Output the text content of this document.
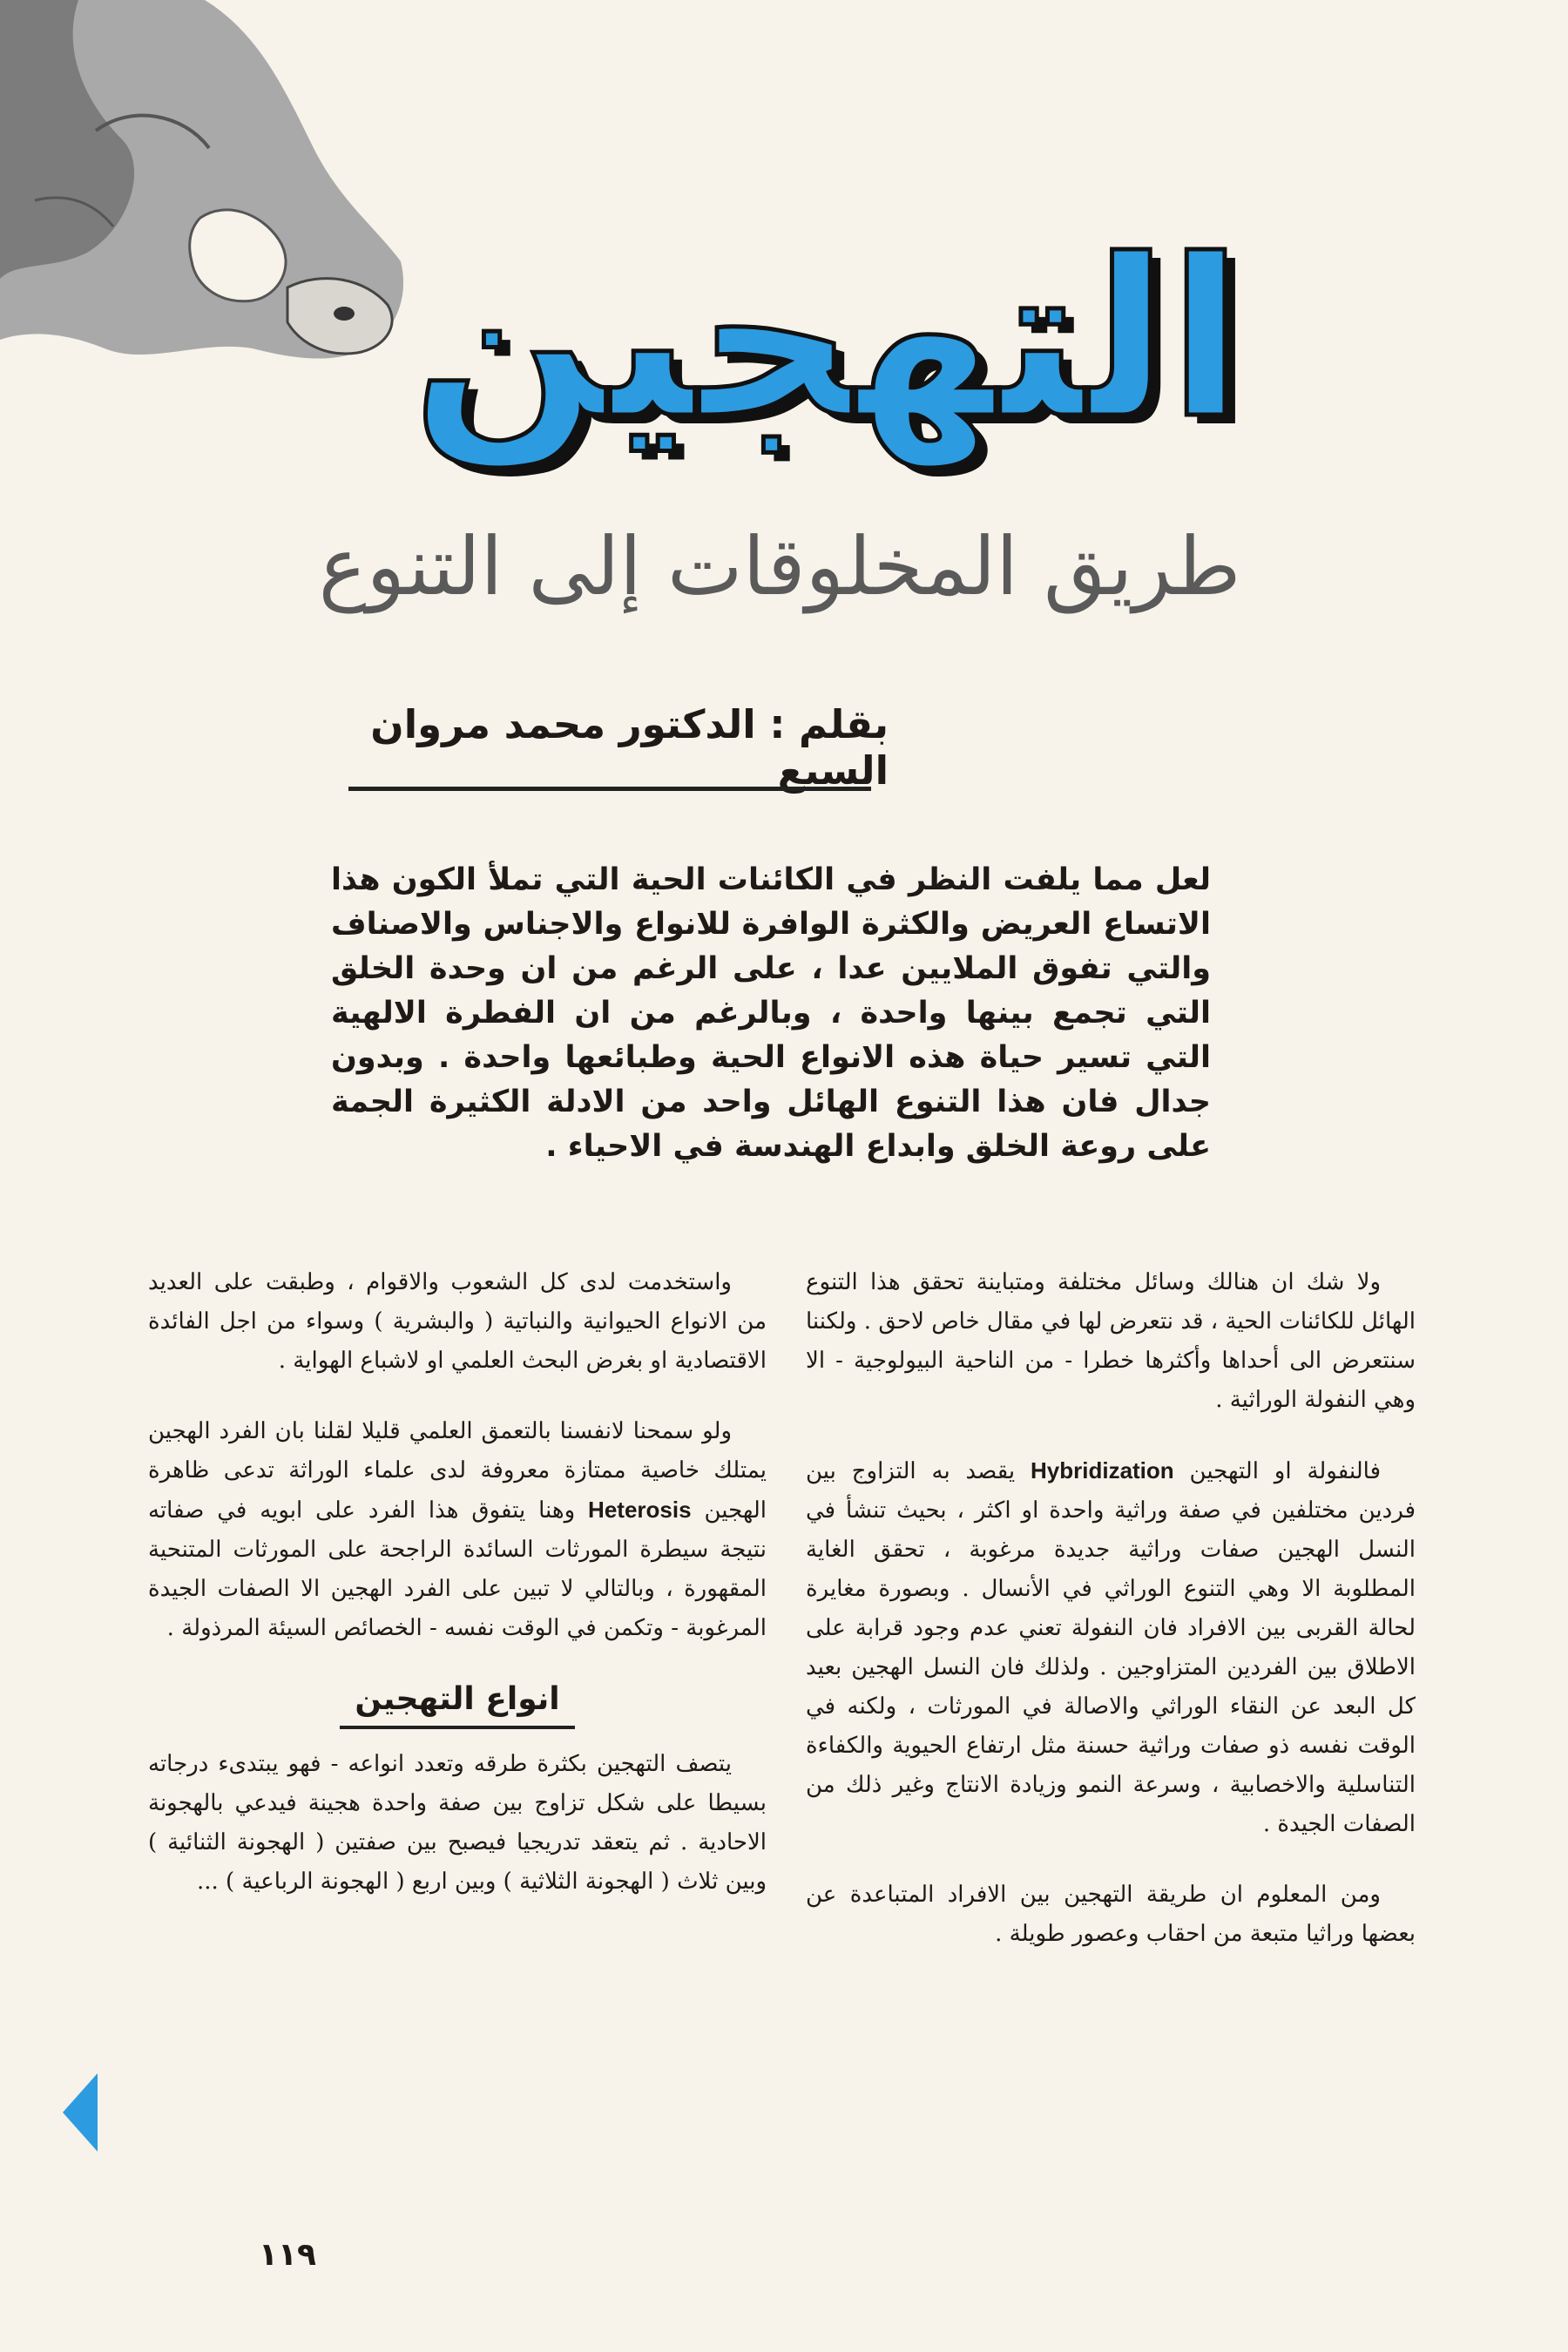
التهجين
طريق المخلوقات إلى التنوع
بقلم : الدكتور محمد مروان السبع
لعل مما يلفت النظر في الكائنات الحية التي تملأ الكون هذا الاتساع العريض والكثرة الوافرة للانواع والاجناس والاصناف والتي تفوق الملايين عدا ، على الرغم من ان وحدة الخلق التي تجمع بينها واحدة ، وبالرغم من ان الفطرة الالهية التي تسير حياة هذه الانواع الحية وطبائعها واحدة . وبدون جدال فان هذا التنوع الهائل واحد من الادلة الكثيرة الجمة على روعة الخلق وابداع الهندسة في الاحياء .

ولا شك ان هنالك وسائل مختلفة ومتباينة تحقق هذا التنوع الهائل للكائنات الحية ، قد نتعرض لها في مقال خاص لاحق . ولكننا سنتعرض الى أحداها وأكثرها خطرا - من الناحية البيولوجية - الا وهي النفولة الوراثية .

فالنفولة او التهجين Hybridization يقصد به التزاوج بين فردين مختلفين في صفة وراثية واحدة او اكثر ، بحيث تنشأ في النسل الهجين صفات وراثية جديدة مرغوبة ، تحقق الغاية المطلوبة الا وهي التنوع الوراثي في الأنسال . وبصورة مغايرة لحالة القربى بين الافراد فان النفولة تعني عدم وجود قرابة على الاطلاق بين الفردين المتزاوجين . ولذلك فان النسل الهجين بعيد كل البعد عن النقاء الوراثي والاصالة في المورثات ، ولكنه في الوقت نفسه ذو صفات وراثية حسنة مثل ارتفاع الحيوية والكفاءة التناسلية والاخصابية ، وسرعة النمو وزيادة الانتاج وغير ذلك من الصفات الجيدة .

ومن المعلوم ان طريقة التهجين بين الافراد المتباعدة عن بعضها وراثيا متبعة من احقاب وعصور طويلة .

واستخدمت لدى كل الشعوب والاقوام ، وطبقت على العديد من الانواع الحيوانية والنباتية ( والبشرية ) وسواء من اجل الفائدة الاقتصادية او بغرض البحث العلمي او لاشباع الهواية .

ولو سمحنا لانفسنا بالتعمق العلمي قليلا لقلنا بان الفرد الهجين يمتلك خاصية ممتازة معروفة لدى علماء الوراثة تدعى ظاهرة الهجين Heterosis وهنا يتفوق هذا الفرد على ابويه في صفاته نتيجة سيطرة المورثات السائدة الراجحة على المورثات المتنحية المقهورة ، وبالتالي لا تبين على الفرد الهجين الا الصفات الجيدة المرغوبة - وتكمن في الوقت نفسه - الخصائص السيئة المرذولة .

انواع التهجين

يتصف التهجين بكثرة طرقه وتعدد انواعه - فهو يبتدىء درجاته بسيطا على شكل تزاوج بين صفة واحدة هجينة فيدعي بالهجونة الاحادية . ثم يتعقد تدريجيا فيصبح بين صفتين ( الهجونة الثنائية ) وبين ثلاث ( الهجونة الثلاثية ) وبين اربع ( الهجونة الرباعية ) ...

١١٩
